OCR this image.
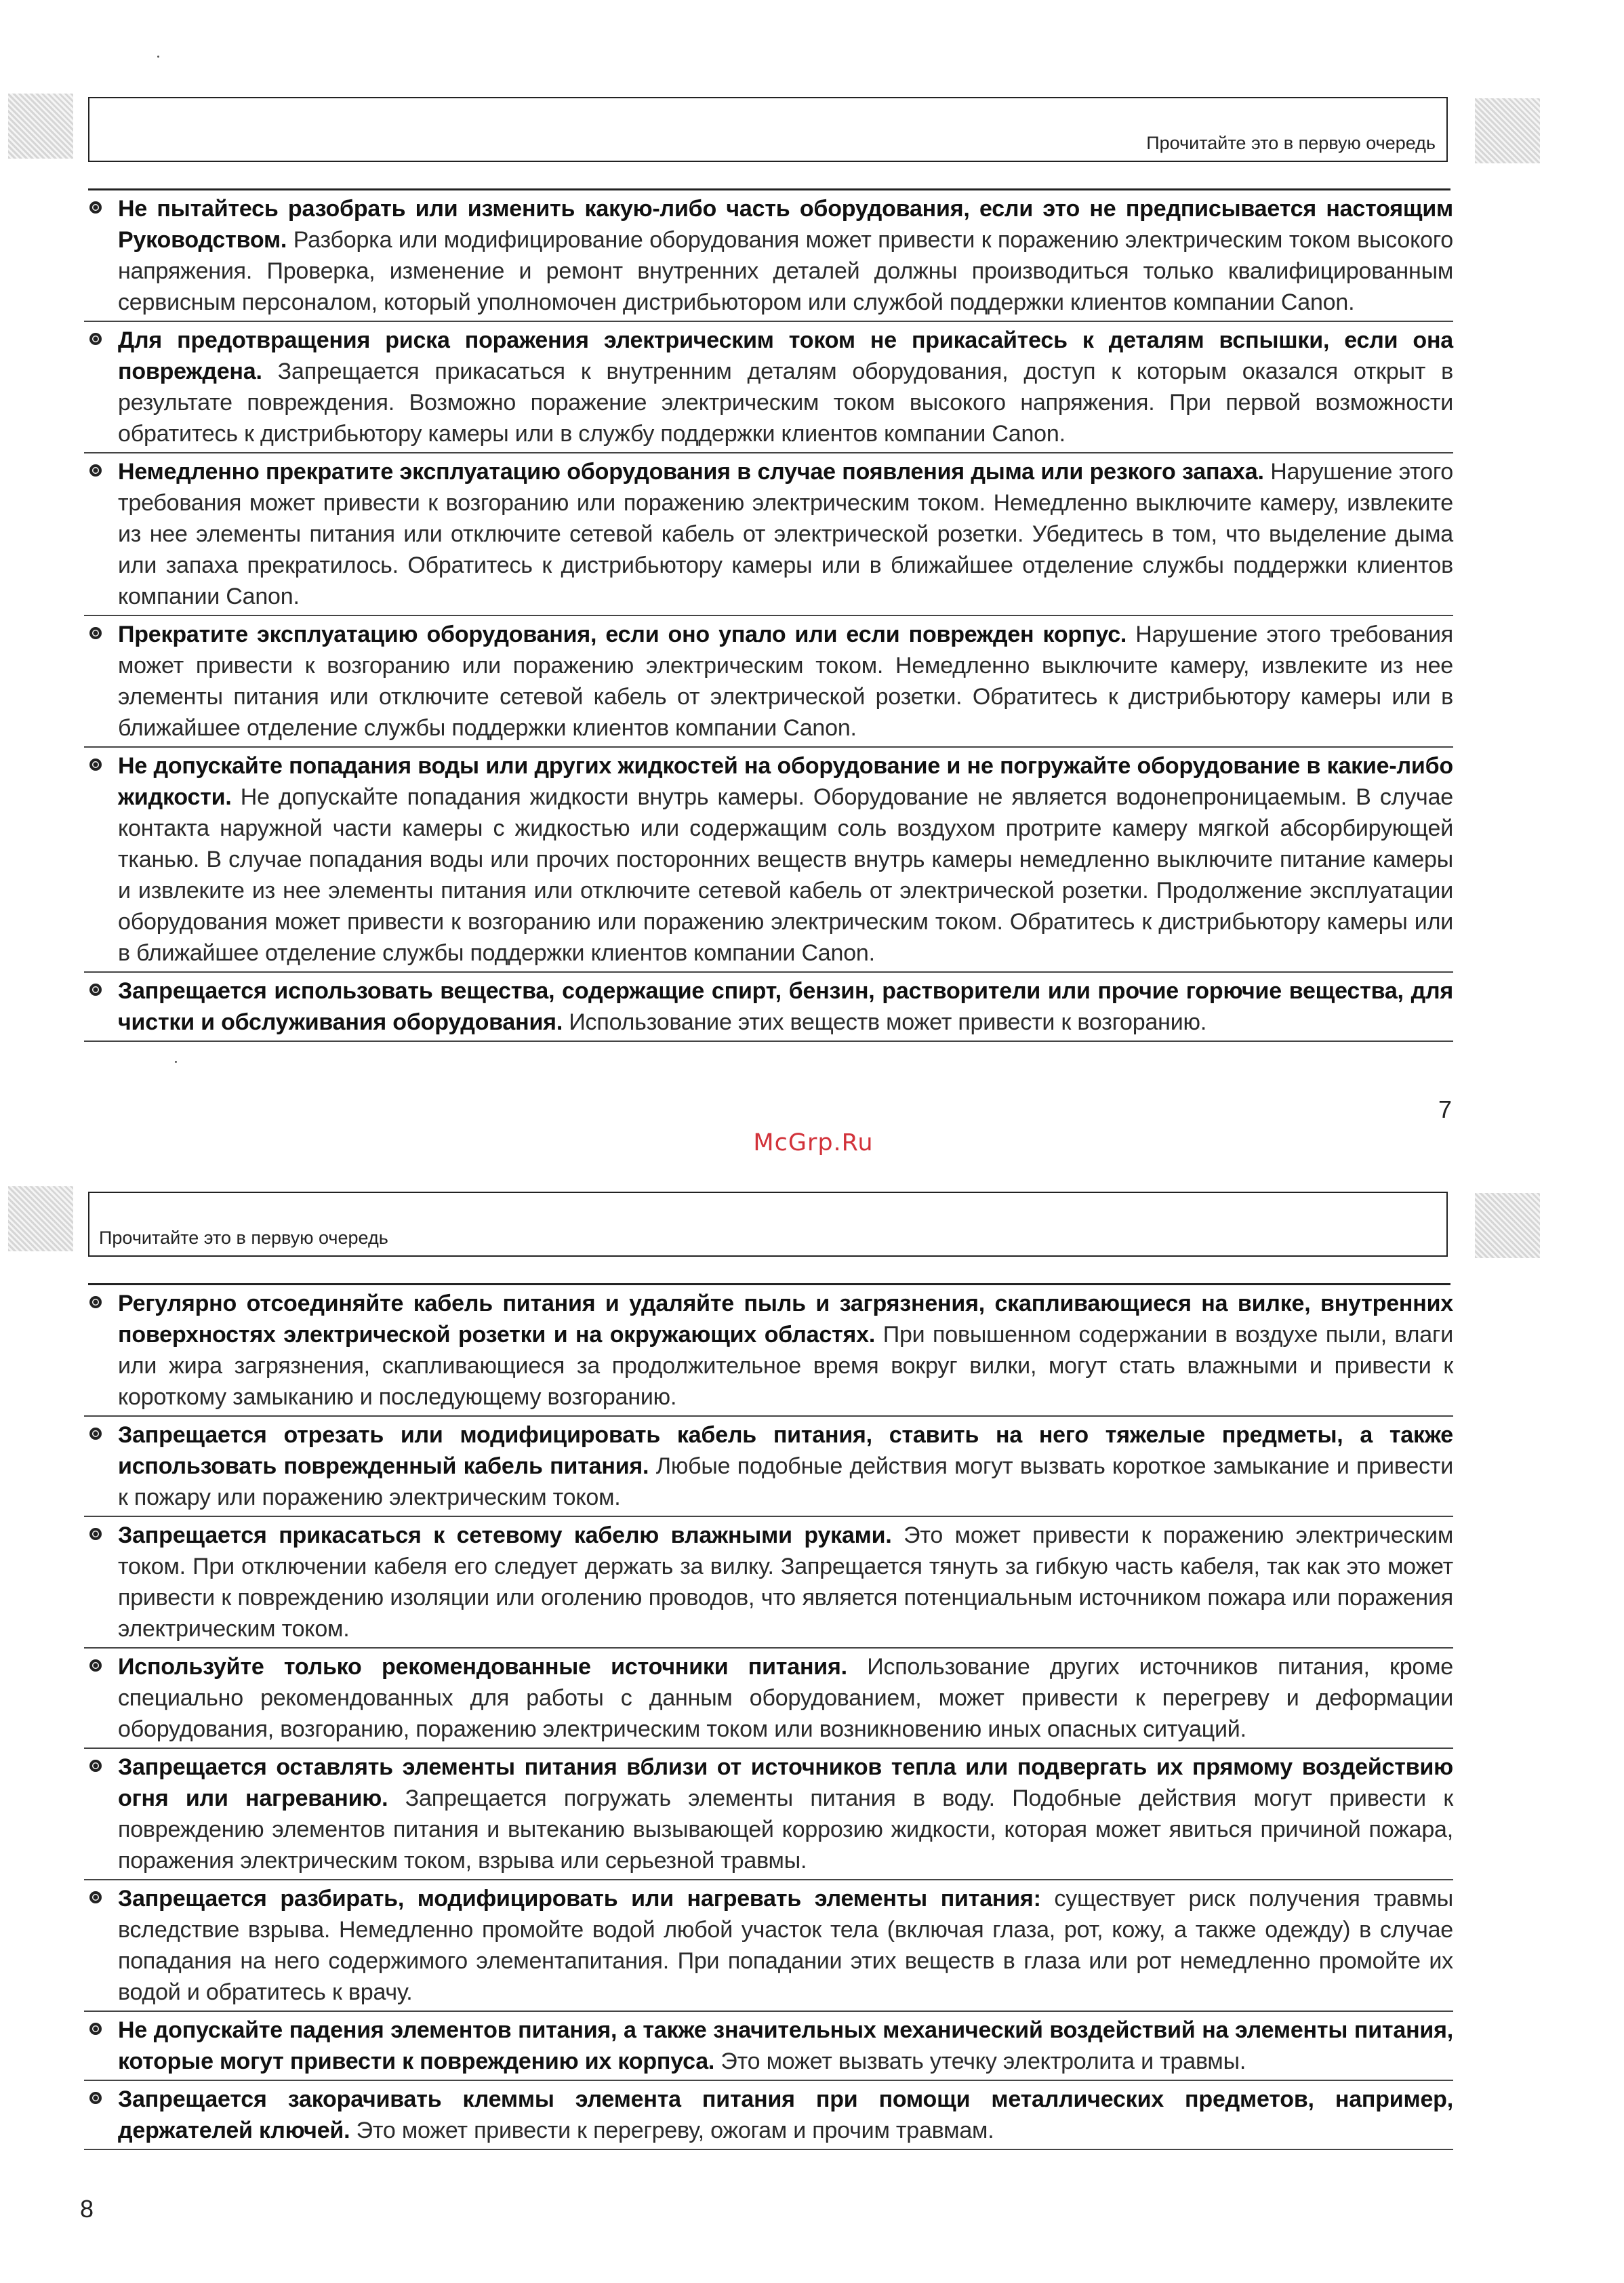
Прочитайте это в первую очередь
Не пытайтесь разобрать или изменить какую-либо часть оборудования, если это не предписывается настоящим Руководством. Разборка или модифицирование оборудования может привести к поражению электрическим током высокого напряжения. Проверка, изменение и ремонт внутренних деталей должны производиться только квалифицированным сервисным персоналом, который уполномочен дистрибьютором или службой поддержки клиентов компании Canon.
Для предотвращения риска поражения электрическим током не прикасайтесь к деталям вспышки, если она повреждена. Запрещается прикасаться к внутренним деталям оборудования, доступ к которым оказался открыт в результате повреждения. Возможно поражение электрическим током высокого напряжения. При первой возможности обратитесь к дистрибьютору камеры или в службу поддержки клиентов компании Canon.
Немедленно прекратите эксплуатацию оборудования в случае появления дыма или резкого запаха. Нарушение этого требования может привести к возгоранию или поражению электрическим током. Немедленно выключите камеру, извлеките из нее элементы питания или отключите сетевой кабель от электрической розетки. Убедитесь в том, что выделение дыма или запаха прекратилось. Обратитесь к дистрибьютору камеры или в ближайшее отделение службы поддержки клиентов компании Canon.
Прекратите эксплуатацию оборудования, если оно упало или если поврежден корпус. Нарушение этого требования может привести к возгоранию или поражению электрическим током. Немедленно выключите камеру, извлеките из нее элементы питания или отключите сетевой кабель от электрической розетки. Обратитесь к дистрибьютору камеры или в ближайшее отделение службы поддержки клиентов компании Canon.
Не допускайте попадания воды или других жидкостей на оборудование и не погружайте оборудование в какие-либо жидкости. Не допускайте попадания жидкости внутрь камеры. Оборудование не является водонепроницаемым. В случае контакта наружной части камеры с жидкостью или содержащим соль воздухом протрите камеру мягкой абсорбирующей тканью. В случае попадания воды или прочих посторонних веществ внутрь камеры немедленно выключите питание камеры и извлеките из нее элементы питания или отключите сетевой кабель от электрической розетки. Продолжение эксплуатации оборудования может привести к возгоранию или поражению электрическим током. Обратитесь к дистрибьютору камеры или в ближайшее отделение службы поддержки клиентов компании Canon.
Запрещается использовать вещества, содержащие спирт, бензин, растворители или прочие горючие вещества, для чистки и обслуживания оборудования. Использование этих веществ может привести к возгоранию.
7
McGrp.Ru
Прочитайте это в первую очередь
Регулярно отсоединяйте кабель питания и удаляйте пыль и загрязнения, скапливающиеся на вилке, внутренних поверхностях электрической розетки и на окружающих областях. При повышенном содержании в воздухе пыли, влаги или жира загрязнения, скапливающиеся за продолжительное время вокруг вилки, могут стать влажными и привести к короткому замыканию и последующему возгоранию.
Запрещается отрезать или модифицировать кабель питания, ставить на него тяжелые предметы, а также использовать поврежденный кабель питания. Любые подобные действия могут вызвать короткое замыкание и привести к пожару или поражению электрическим током.
Запрещается прикасаться к сетевому кабелю влажными руками. Это может привести к поражению электрическим током. При отключении кабеля его следует держать за вилку. Запрещается тянуть за гибкую часть кабеля, так как это может привести к повреждению изоляции или оголению проводов, что является потенциальным источником пожара или поражения электрическим током.
Используйте только рекомендованные источники питания. Использование других источников питания, кроме специально рекомендованных для работы с данным оборудованием, может привести к перегреву и деформации оборудования, возгоранию, поражению электрическим током или возникновению иных опасных ситуаций.
Запрещается оставлять элементы питания вблизи от источников тепла или подвергать их прямому воздействию огня или нагреванию. Запрещается погружать элементы питания в воду. Подобные действия могут привести к повреждению элементов питания и вытеканию вызывающей коррозию жидкости, которая может явиться причиной пожара, поражения электрическим током, взрыва или серьезной травмы.
Запрещается разбирать, модифицировать или нагревать элементы питания: существует риск получения травмы вследствие взрыва. Немедленно промойте водой любой участок тела (включая глаза, рот, кожу, а также одежду) в случае попадания на него содержимого элементапитания. При попадании этих веществ в глаза или рот немедленно промойте их водой и обратитесь к врачу.
Не допускайте падения элементов питания, а также значительных механический воздействий на элементы питания, которые могут привести к повреждению их корпуса. Это может вызвать утечку электролита и травмы.
Запрещается закорачивать клеммы элемента питания при помощи металлических предметов, например, держателей ключей. Это может привести к перегреву, ожогам и прочим травмам.
8
